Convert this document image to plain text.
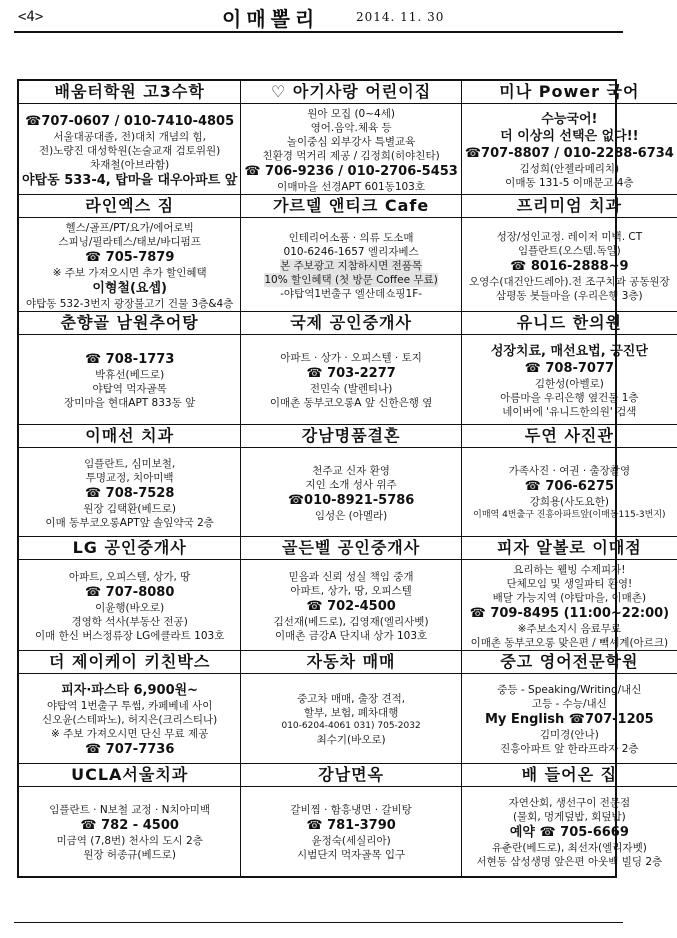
<4>	이매뽈리	2014. 11. 30
배움터학원 고3수학
☎707-0607 / 010-7410-4805
서울대공대졸, 전)대치 개념의 힘,
전)노량진 대성학원(논술교재 검토위원)
차재철(아브라함)
야탑동 533-4, 탑마을 대우아파트 앞
♡ 아기사랑 어린이집
원아 모집 (0~4세)
영어.음악.체육 등
놀이중심 외부강사 특별교육
친환경 먹거리 제공 / 김정희(히야친타)
☎ 706-9236 / 010-2706-5453
이매마을 선경APT 601동103호
미나 Power 국어
수능국어!
더 이상의 선택은 없다!!
☎707-8807 / 010-2288-6734
김성희(안젤라메리치)
이매동 131-5 이매문고 4층
라인엑스 짐
헬스/골프/PT/요가/에어로빅
스피닝/필라테스/태보/바디펌프
☎ 705-7879
※ 주보 가져오시면 추가 할인혜택
이형철(요셉)
야탑동 532-3번지 광장불고기 건물 3층&4층
가르델 앤티크 Cafe
인테리어소품 · 의류 도소매
010-6246-1657 엘리자베스
본 주보광고 지참하시면 전품목
10% 할인혜택 (첫 방문 Coffee 무료)
-야탑역1번출구 엘산데쇼핑1F-
프리미엄 치과
성장/성인교정. 레이저 미백. CT
임플란트(오스템.독일)
☎ 8016-2888~9
오영수(대건안드레아).전 조구치과 공동원장
삼평동 봇들마을 (우리은행 3층)
춘향골 남원추어탕
☎ 708-1773
박휴선(베드로)
야탑역 먹자골목
장미마을 현대APT 833동 앞
국제 공인중개사
아파트 · 상가 · 오피스텔 · 토지
☎ 703-2277
전민숙 (발렌티나)
이매촌 동부코오롱A 앞 신한은행 옆
유니드 한의원
성장치료, 매선요법, 공진단
☎ 708-7077
김한성(아벨로)
아름마을 우리은행 옆건물 1층
네이버에 '유니드한의원' 검색
이매선 치과
임플란트, 심미보철,
투명교정, 치아미백
☎ 708-7528
원장 김택환(베드로)
이매 동부코오롱APT앞 솔잎약국 2층
강남명품결혼
천주교 신자 환영
지인 소개 성사 위주
☎010-8921-5786
임성은 (아멜라)
두연 사진관
가족사진 · 여권 · 출장촬영
☎ 706-6275
강희용(사도요한)
이매역 4번출구 진흥아파트앞(이매동115-3번지)
LG 공인중개사
아파트, 오피스텔, 상가, 땅
☎ 707-8080
이윤행(바오로)
경영학 석사(부동산 전공)
이매 한신 버스정류장 LG에클라트 103호
골든벨 공인중개사
믿음과 신뢰 성실 책임 중개
아파트, 상가, 땅, 오피스텔
☎ 702-4500
김선재(베드로), 김영재(엘리사벳)
이매촌 금강A 단지내 상가 103호
피자 알볼로 이매점
요리하는 웰빙 수제피자!
단체모임 및 생일파티 환영!
배달 가능지역 (야탑마을, 이매촌)
☎ 709-8495 (11:00~22:00)
※주보소지시 음료무료
이매촌 동부코오롱 맞은편 / 빽셰계(아르크)
더 제이케이 키친박스
피자·파스타 6,900원~
야탑역 1번출구 투썸, 카페베네 사이
신오윤(스테파노), 허지은(크리스티나)
※ 주보 가져오시면 단신 무료 제공
☎ 707-7736
자동차 매매
중고차 매매, 출장 견적,
할부, 보험, 폐차대행
010-6204-4061 031) 705-2032
최수기(바오로)
중고 영어전문학원
중등 - Speaking/Writing/내신
고등 - 수능/내신
My English ☎707-1205
김미경(안나)
진흥아파트 앞 한라프라자 2층
UCLA서울치과
임플란트 · N보철 교정 · N치아미백
☎ 782 - 4500
미금역 (7,8번) 천사의 도시 2층
원장 허종규(베드로)
강남면옥
갈비찜 · 함흥냉면 · 갈비탕
☎ 781-3790
윤정숙(세실리아)
시범단지 먹자골목 입구
배 들어온 집
자연산회, 생선구이 전문점
(물회, 멍게덮밥, 회덮밥)
예약 ☎ 705-6669
유춘란(베드로), 최선자(엘리자벳)
서현동 삼성생명 앞은편 아웃백 빌딩 2층
